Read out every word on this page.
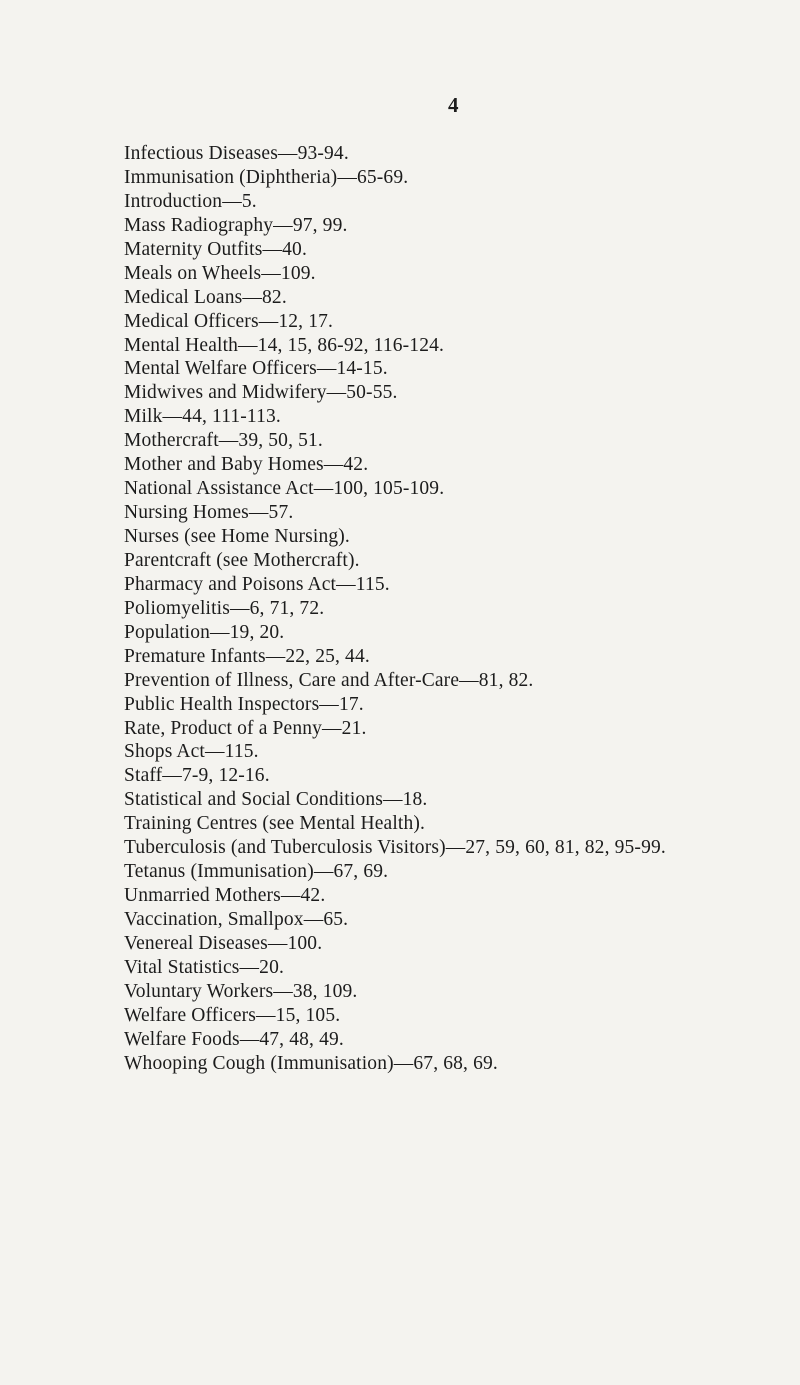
4
Infectious Diseases—93-94.
Immunisation (Diphtheria)—65-69.
Introduction—5.
Mass Radiography—97, 99.
Maternity Outfits—40.
Meals on Wheels—109.
Medical Loans—82.
Medical Officers—12, 17.
Mental Health—14, 15, 86-92, 116-124.
Mental Welfare Officers—14-15.
Midwives and Midwifery—50-55.
Milk—44, 111-113.
Mothercraft—39, 50, 51.
Mother and Baby Homes—42.
National Assistance Act—100, 105-109.
Nursing Homes—57.
Nurses (see Home Nursing).
Parentcraft (see Mothercraft).
Pharmacy and Poisons Act—115.
Poliomyelitis—6, 71, 72.
Population—19, 20.
Premature Infants—22, 25, 44.
Prevention of Illness, Care and After-Care—81, 82.
Public Health Inspectors—17.
Rate, Product of a Penny—21.
Shops Act—115.
Staff—7-9, 12-16.
Statistical and Social Conditions—18.
Training Centres (see Mental Health).
Tuberculosis (and Tuberculosis Visitors)—27, 59, 60, 81, 82, 95-99.
Tetanus (Immunisation)—67, 69.
Unmarried Mothers—42.
Vaccination, Smallpox—65.
Venereal Diseases—100.
Vital Statistics—20.
Voluntary Workers—38, 109.
Welfare Officers—15, 105.
Welfare Foods—47, 48, 49.
Whooping Cough (Immunisation)—67, 68, 69.
